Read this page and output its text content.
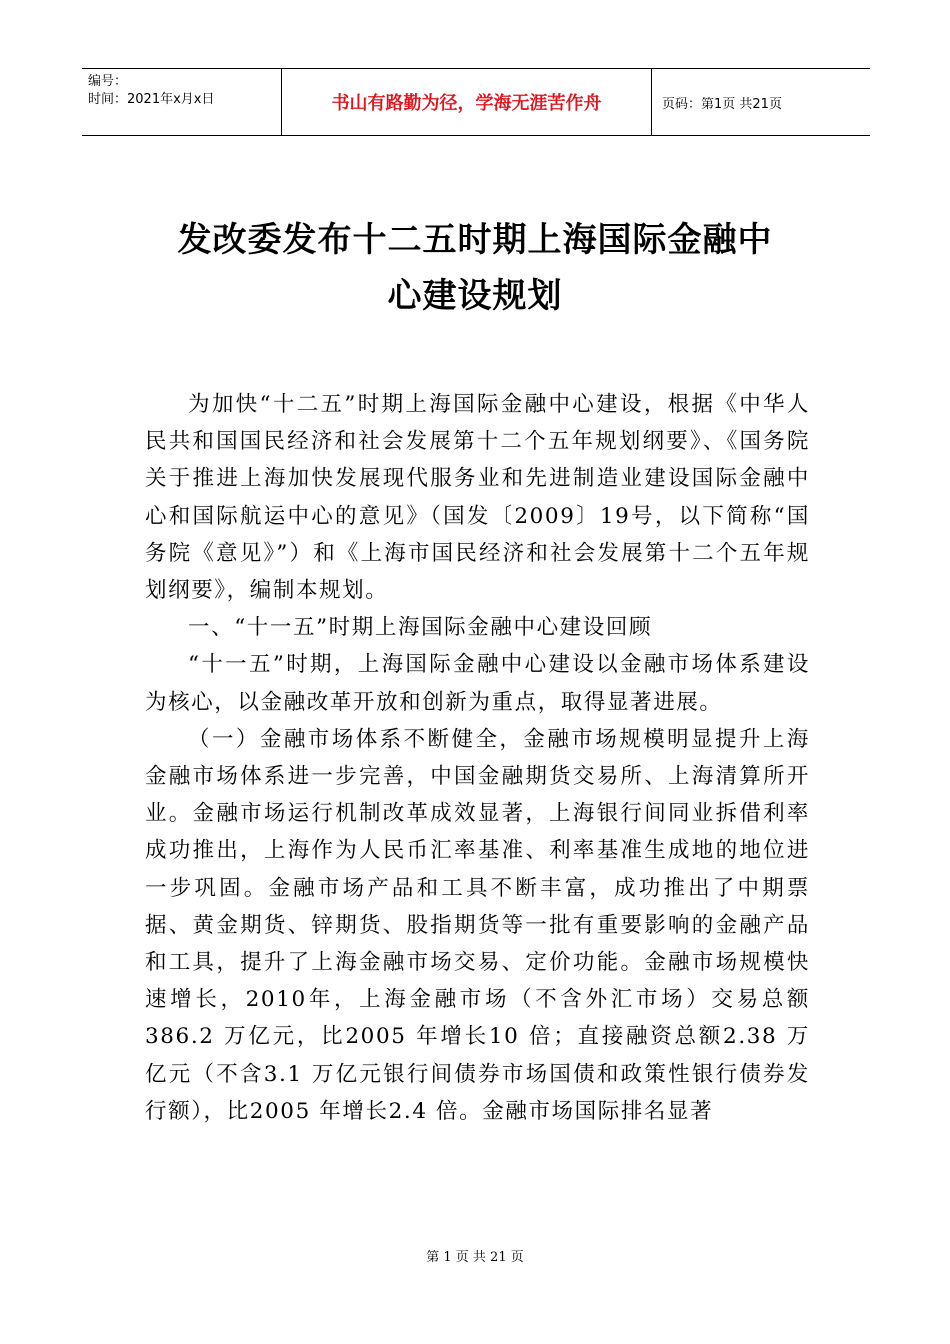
编号：
时间：2021年x月x日	书山有路勤为径，学海无涯苦作舟	页码：第1页 共21页
发改委发布十二五时期上海国际金融中
心建设规划

为加快“十二五”时期上海国际金融中心建设，根据《中华人民共和国国民经济和社会发展第十二个五年规划纲要》、《国务院关于推进上海加快发展现代服务业和先进制造业建设国际金融中心和国际航运中心的意见》（国发〔2009〕19号，以下简称“国务院《意见》”）和《上海市国民经济和社会发展第十二个五年规划纲要》，编制本规划。

一、“十一五”时期上海国际金融中心建设回顾

“十一五”时期，上海国际金融中心建设以金融市场体系建设为核心，以金融改革开放和创新为重点，取得显著进展。

（一）金融市场体系不断健全，金融市场规模明显提升上海金融市场体系进一步完善，中国金融期货交易所、上海清算所开业。金融市场运行机制改革成效显著，上海银行间同业拆借利率成功推出，上海作为人民币汇率基准、利率基准生成地的地位进一步巩固。金融市场产品和工具不断丰富，成功推出了中期票据、黄金期货、锌期货、股指期货等一批有重要影响的金融产品和工具，提升了上海金融市场交易、定价功能。金融市场规模快速增长，2010年，上海金融市场（不含外汇市场）交易总额386.2 万亿元，比2005 年增长10 倍；直接融资总额2.38 万亿元（不含3.1 万亿元银行间债券市场国债和政策性银行债券发行额），比2005 年增长2.4 倍。金融市场国际排名显著

第 1 页 共 21 页
